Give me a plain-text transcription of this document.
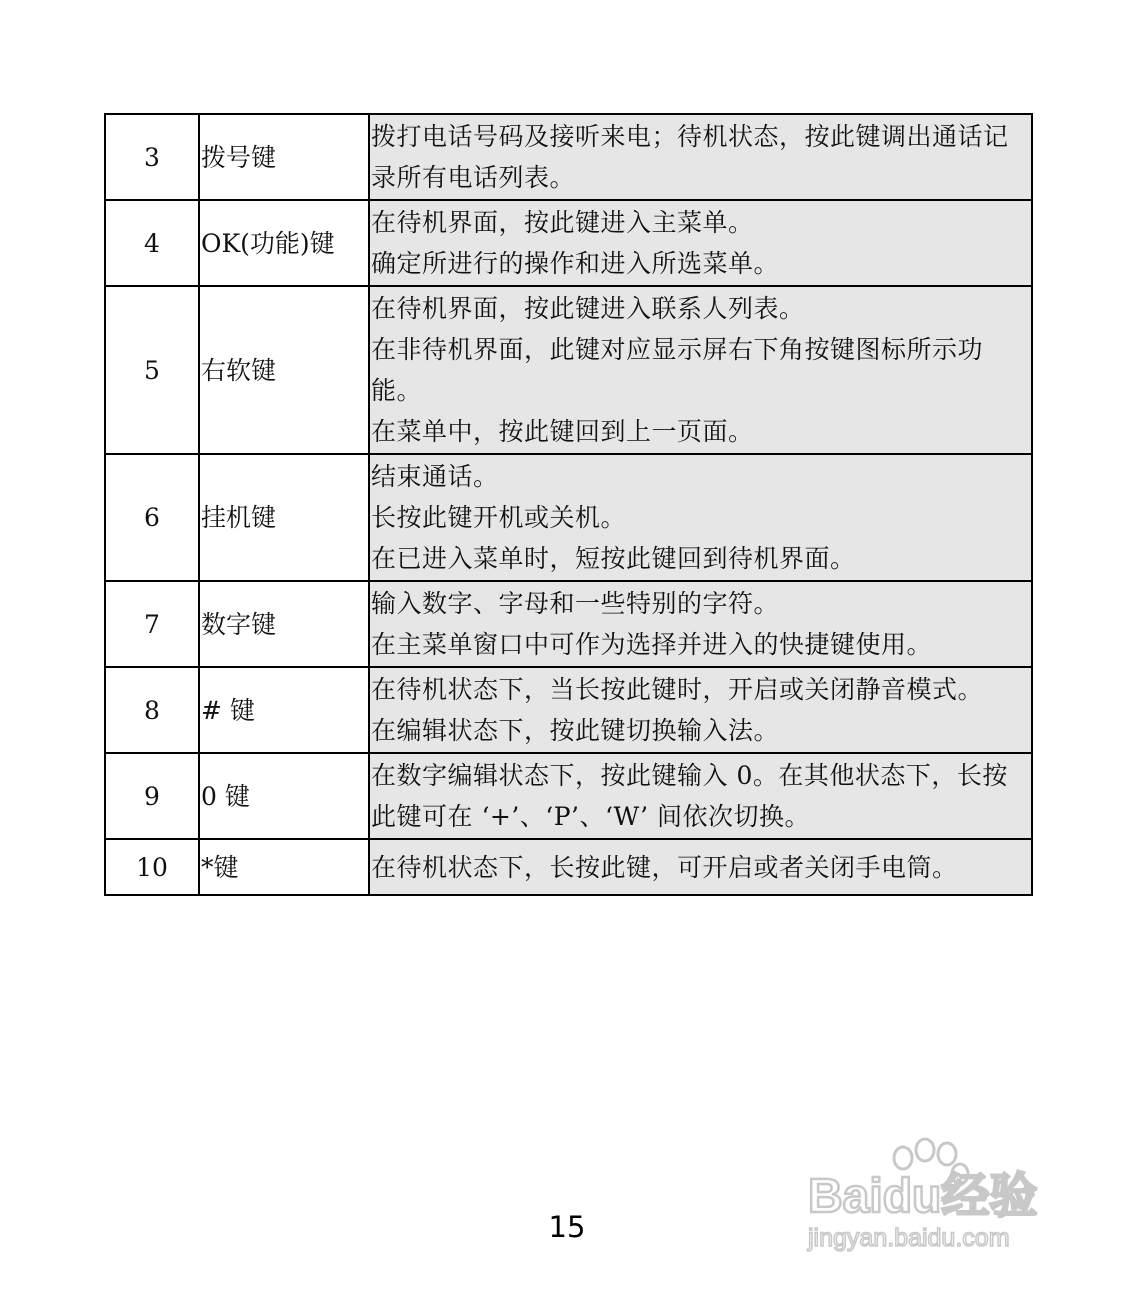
3	拨号键	拨打电话号码及接听来电；待机状态，按此键调出通话记录所有电话列表。

4	OK(功能)键	在待机界面，按此键进入主菜单。
确定所进行的操作和进入所选菜单。

5	右软键	在待机界面，按此键进入联系人列表。
在非待机界面，此键对应显示屏右下角按键图标所示功能。
在菜单中，按此键回到上一页面。

6	挂机键	结束通话。
长按此键开机或关机。
在已进入菜单时，短按此键回到待机界面。

7	数字键	输入数字、字母和一些特别的字符。
在主菜单窗口中可作为选择并进入的快捷键使用。

8	# 键	在待机状态下，当长按此键时，开启或关闭静音模式。
在编辑状态下，按此键切换输入法。

9	0 键	在数字编辑状态下，按此键输入 0。在其他状态下，长按此键可在 ‘+’、‘P’、‘W’ 间依次切换。

10	*键	在待机状态下，长按此键，可开启或者关闭手电筒。
15
Baidu经验
jingyan.baidu.com
